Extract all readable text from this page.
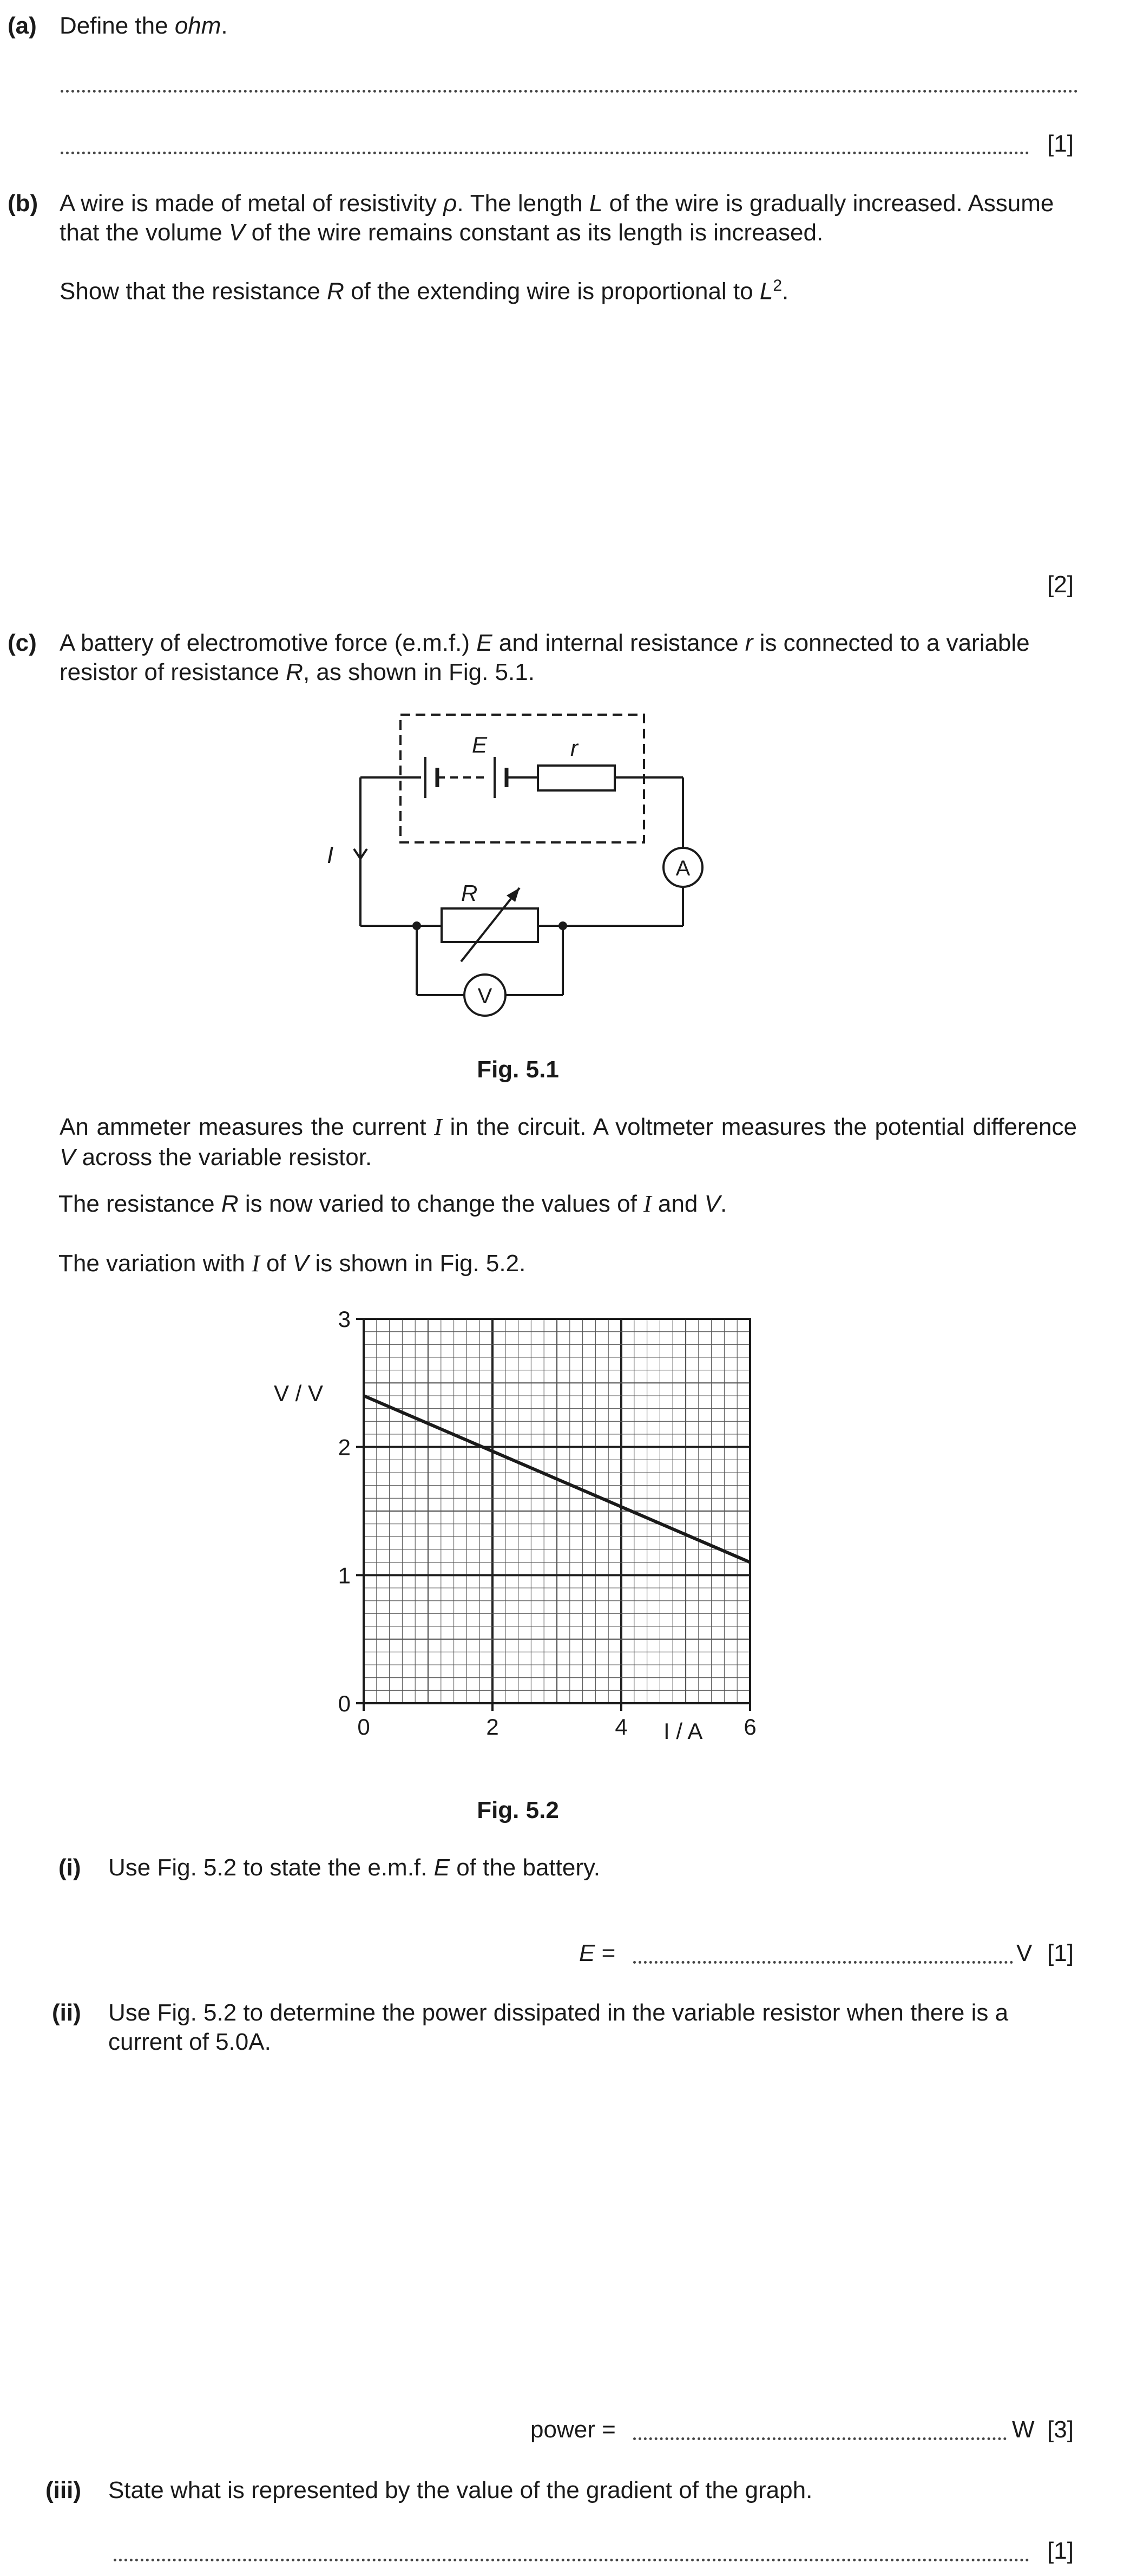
(a) Define the ohm.
[1]
(b) A wire is made of metal of resistivity ρ. The length L of the wire is gradually increased. Assume
that the volume V of the wire remains constant as its length is increased.
Show that the resistance R of the extending wire is proportional to $L^2$.
[2]
(c) A battery of electromotive force (e.m.f.) E and internal resistance r is connected to a variable
resistor of resistance R, as shown in Fig. 5.1.
E	r
I
R
A
V
Fig. 5.1
An ammeter measures the current I in the circuit. A voltmeter measures the potential difference V across the variable resistor.
The resistance R is now varied to change the values of I and V.
The variation with I of V is shown in Fig. 5.2.
0	2	4	6
0
1
2
3
V / V
I / A
Fig. 5.2
(i) Use Fig. 5.2 to state the e.m.f. E of the battery.
E =	V [1]
(ii) Use Fig. 5.2 to determine the power dissipated in the variable resistor when there is a
current of 5.0A.
power =	W [3]
(iii) State what is represented by the value of the gradient of the graph.
[1]
